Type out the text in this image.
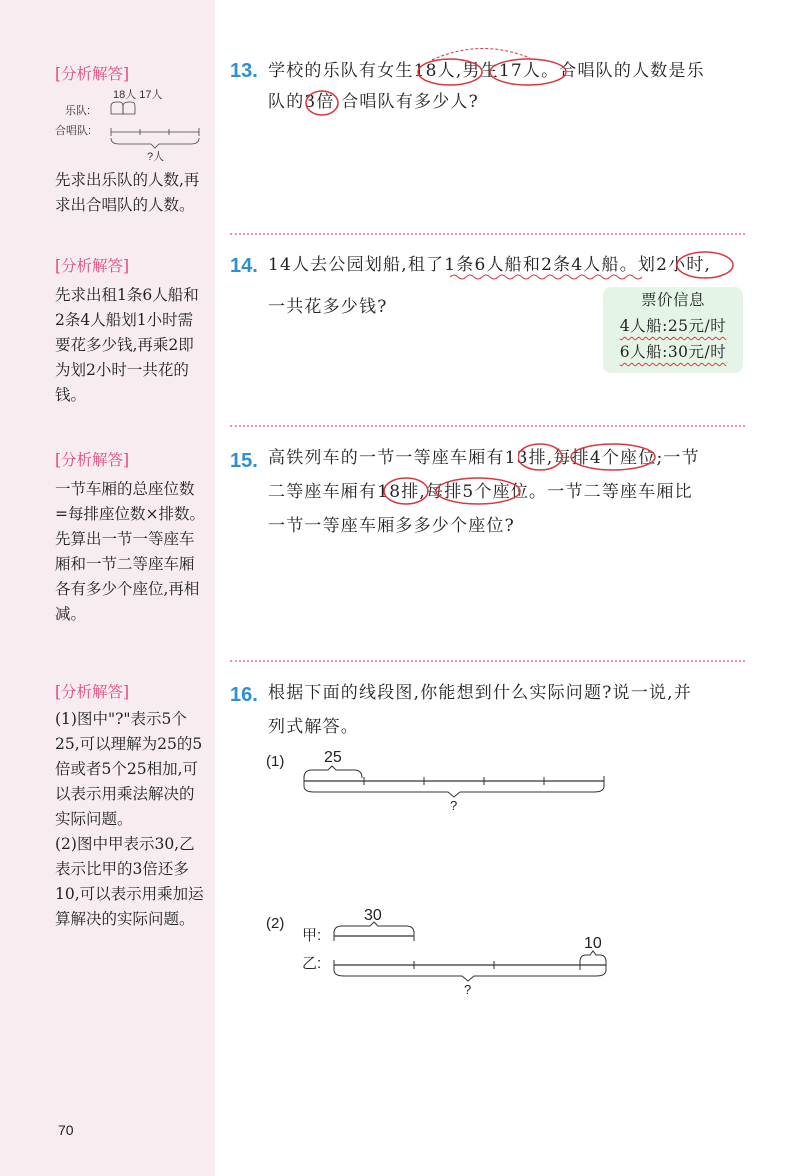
[分析解答]
18人 17人
乐队:
合唱队:
?人
先求出乐队的人数,再求出合唱队的人数。
[分析解答]
先求出租1条6人船和2条4人船划1小时需要花多少钱,再乘2即为划2小时一共花的钱。
[分析解答]
一节车厢的总座位数=每排座位数×排数。先算出一节一等座车厢和一节二等座车厢各有多少个座位,再相减。
[分析解答]
(1)图中"?"表示5个25,可以理解为25的5倍或者5个25相加,可以表示用乘法解决的实际问题。
(2)图中甲表示30,乙表示比甲的3倍还多10,可以表示用乘加运算解决的实际问题。
13. 学校的乐队有女生18人,男生17人。合唱队的人数是乐
队的3倍,合唱队有多少人?
14. 14人去公园划船,租了1条6人船和2条4人船。划2小时,
一共花多少钱?	票价信息
4人船:25元/时
6人船:30元/时
15. 高铁列车的一节一等座车厢有13排,每排4个座位;一节
二等座车厢有18排,每排5个座位。一节二等座车厢比
一节一等座车厢多多少个座位?
16. 根据下面的线段图,你能想到什么实际问题?说一说,并
列式解答。
(1) 25
?
(2)
甲:
30
乙:
10
?
70
